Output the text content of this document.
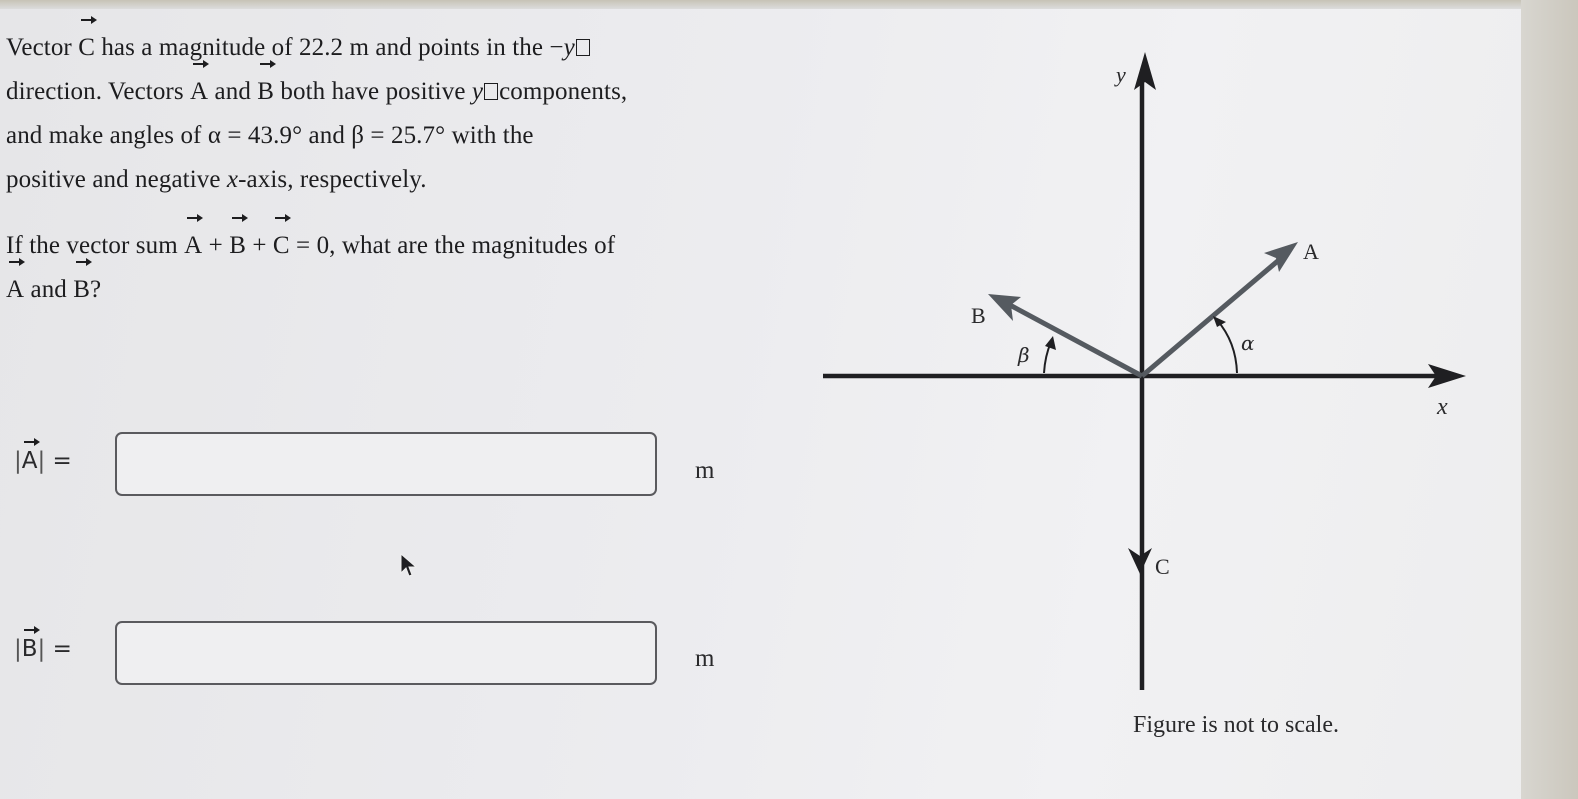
Vector C has a magnitude of 22.2 m and points in the −y
direction. Vectors A and B both have positive y components,
and make angles of α = 43.9° and β = 25.7° with the
positive and negative x-axis, respectively.

If the vector sum A + B + C = 0, what are the magnitudes of
A and B?

|A| =	m
|B| =	m
y
x
A
B
C
α
β
Figure is not to scale.
